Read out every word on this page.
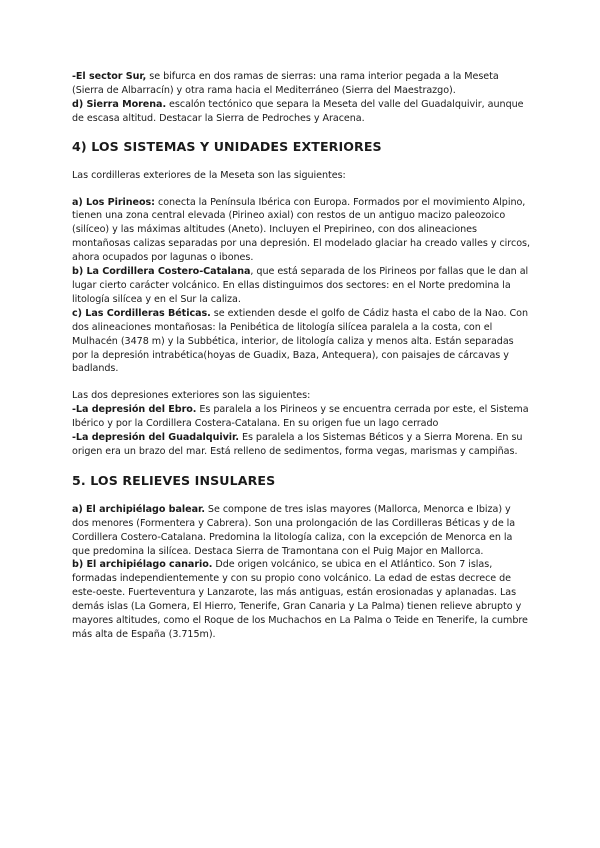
-El sector Sur, se bifurca en dos ramas de sierras: una rama interior pegada a la Meseta (Sierra de Albarracín) y otra rama hacia el Mediterráneo (Sierra del Maestrazgo).

d) Sierra Morena. escalón tectónico que separa la Meseta del valle del Guadalquivir, aunque de escasa altitud. Destacar la Sierra de Pedroches y Aracena.

4) LOS SISTEMAS Y UNIDADES EXTERIORES

Las cordilleras exteriores de la Meseta son las siguientes:

a) Los Pirineos: conecta la Península Ibérica con Europa. Formados por el movimiento Alpino, tienen una zona central elevada (Pirineo axial) con restos de un antiguo macizo paleozoico (silíceo) y las máximas altitudes (Aneto). Incluyen el Prepirineo, con dos alineaciones montañosas calizas separadas por una depresión. El modelado glaciar ha creado valles y circos, ahora ocupados por lagunas o ibones.

b) La Cordillera Costero-Catalana, que está separada de los Pirineos por fallas que le dan al lugar cierto carácter volcánico. En ellas distinguimos dos sectores: en el Norte predomina la litología silícea y en el Sur la caliza.

c) Las Cordilleras Béticas. se extienden desde el golfo de Cádiz hasta el cabo de la Nao. Con dos alineaciones montañosas: la Penibética de litología silícea paralela a la costa, con el Mulhacén (3478 m) y la Subbética, interior, de litología caliza y menos alta. Están separadas por la depresión intrabética(hoyas de Guadix, Baza, Antequera), con paisajes de cárcavas y badlands.

Las dos depresiones exteriores son las siguientes:

-La depresión del Ebro. Es paralela a los Pirineos y se encuentra cerrada por este, el Sistema Ibérico y por la Cordillera Costera-Catalana. En su origen fue un lago cerrado

-La depresión del Guadalquivir. Es paralela a los Sistemas Béticos y a Sierra Morena. En su origen era un brazo del mar. Está relleno de sedimentos, forma vegas, marismas y campiñas.

5. LOS RELIEVES INSULARES

a) El archipiélago balear. Se compone de tres islas mayores (Mallorca, Menorca e Ibiza) y dos menores (Formentera y Cabrera). Son una prolongación de las Cordilleras Béticas y de la Cordillera Costero-Catalana. Predomina la litología caliza, con la excepción de Menorca en la que predomina la silícea. Destaca Sierra de Tramontana con el Puig Major en Mallorca.

b) El archipiélago canario. Dde origen volcánico, se ubica en el Atlántico. Son 7 islas, formadas independientemente y con su propio cono volcánico. La edad de estas decrece de este-oeste. Fuerteventura y Lanzarote, las más antiguas, están erosionadas y aplanadas. Las demás islas (La Gomera, El Hierro, Tenerife, Gran Canaria y La Palma) tienen relieve abrupto y mayores altitudes, como el Roque de los Muchachos en La Palma o Teide en Tenerife, la cumbre más alta de España (3.715m).
